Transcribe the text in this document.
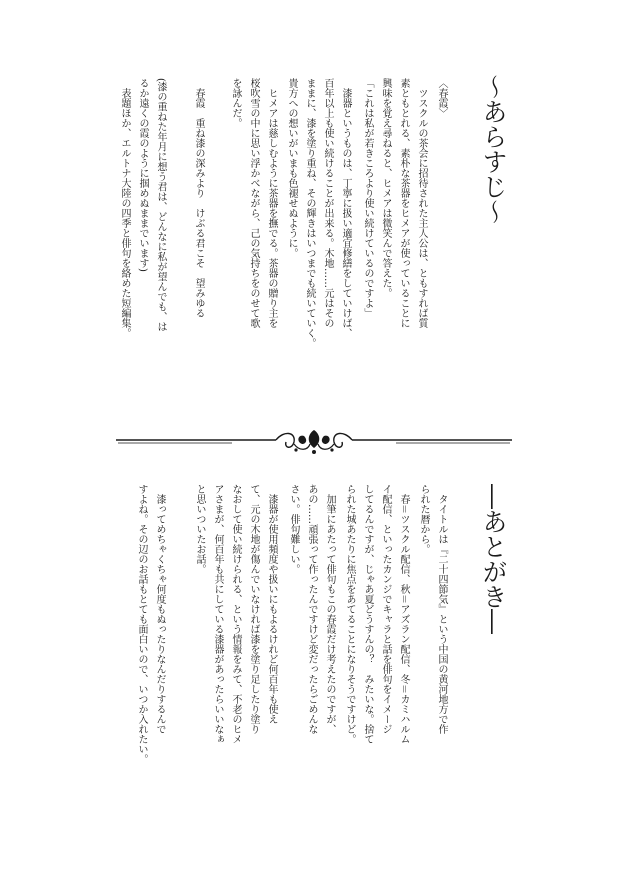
〜あらすじ〜
〈春霞〉
　ツスクルの茶会に招待された主人公は、ともすれば質
素ともとれる、素朴な茶器をヒメアが使っていることに
興味を覚え尋ねると、ヒメアは微笑んで答えた。
「これは私が若きころより使い続けているのですよ」
　漆器というものは、丁寧に扱い適宜修繕をしていけば、
百年以上も使い続けることが出来る。木地……元はその
ままに、漆を塗り重ね、その輝きはいつまでも続いていく。
貴方への想いがいまも色褪せぬように。
　ヒメアは慈しむように茶器を撫でる。茶器の贈り主を
桜吹雪の中に思い浮かべながら、己の気持ちをのせて歌
を詠んだ。
春霞　重ね漆の深みより　けぶる君こそ　望みゆる
(漆の重ねた年月に想う君は、どんなに私が望んでも、は
るか遠くの霞のように掴めぬままでいます)
　表題ほか、エルトナ大陸の四季と俳句を絡めた短編集。
―あとがき―
　タイトルは『二十四節気』という中国の黄河地方で作
られた暦から。
　春＝ツスクル配信、秋＝アズラン配信、冬＝カミハルム
イ配信、といったカンジでキャラと話を俳句をイメージ
してるんですが、じゃあ夏どうすんの？　みたいな。捨て
られた城あたりに焦点をあてることになりそうですけど。
　加筆にあたって俳句もこの春霞だけ考えたのですが、
あの……頑張って作ったんですけど変だったらごめんな
さい。俳句難しい。
　漆器が使用頻度や扱いにもよるけれど何百年も使え
て、元の木地が傷んでいなければ漆を塗り足したり塗り
なおして使い続けられる、という情報をみて、不老のヒメ
アさまが、何百年も共にしている漆器があったらいいなぁ
と思いついたお話。
　漆ってめちゃくちゃ何度もぬったりなんだりするんで
すよね。その辺のお話もとても面白いので、いつか入れたい。
